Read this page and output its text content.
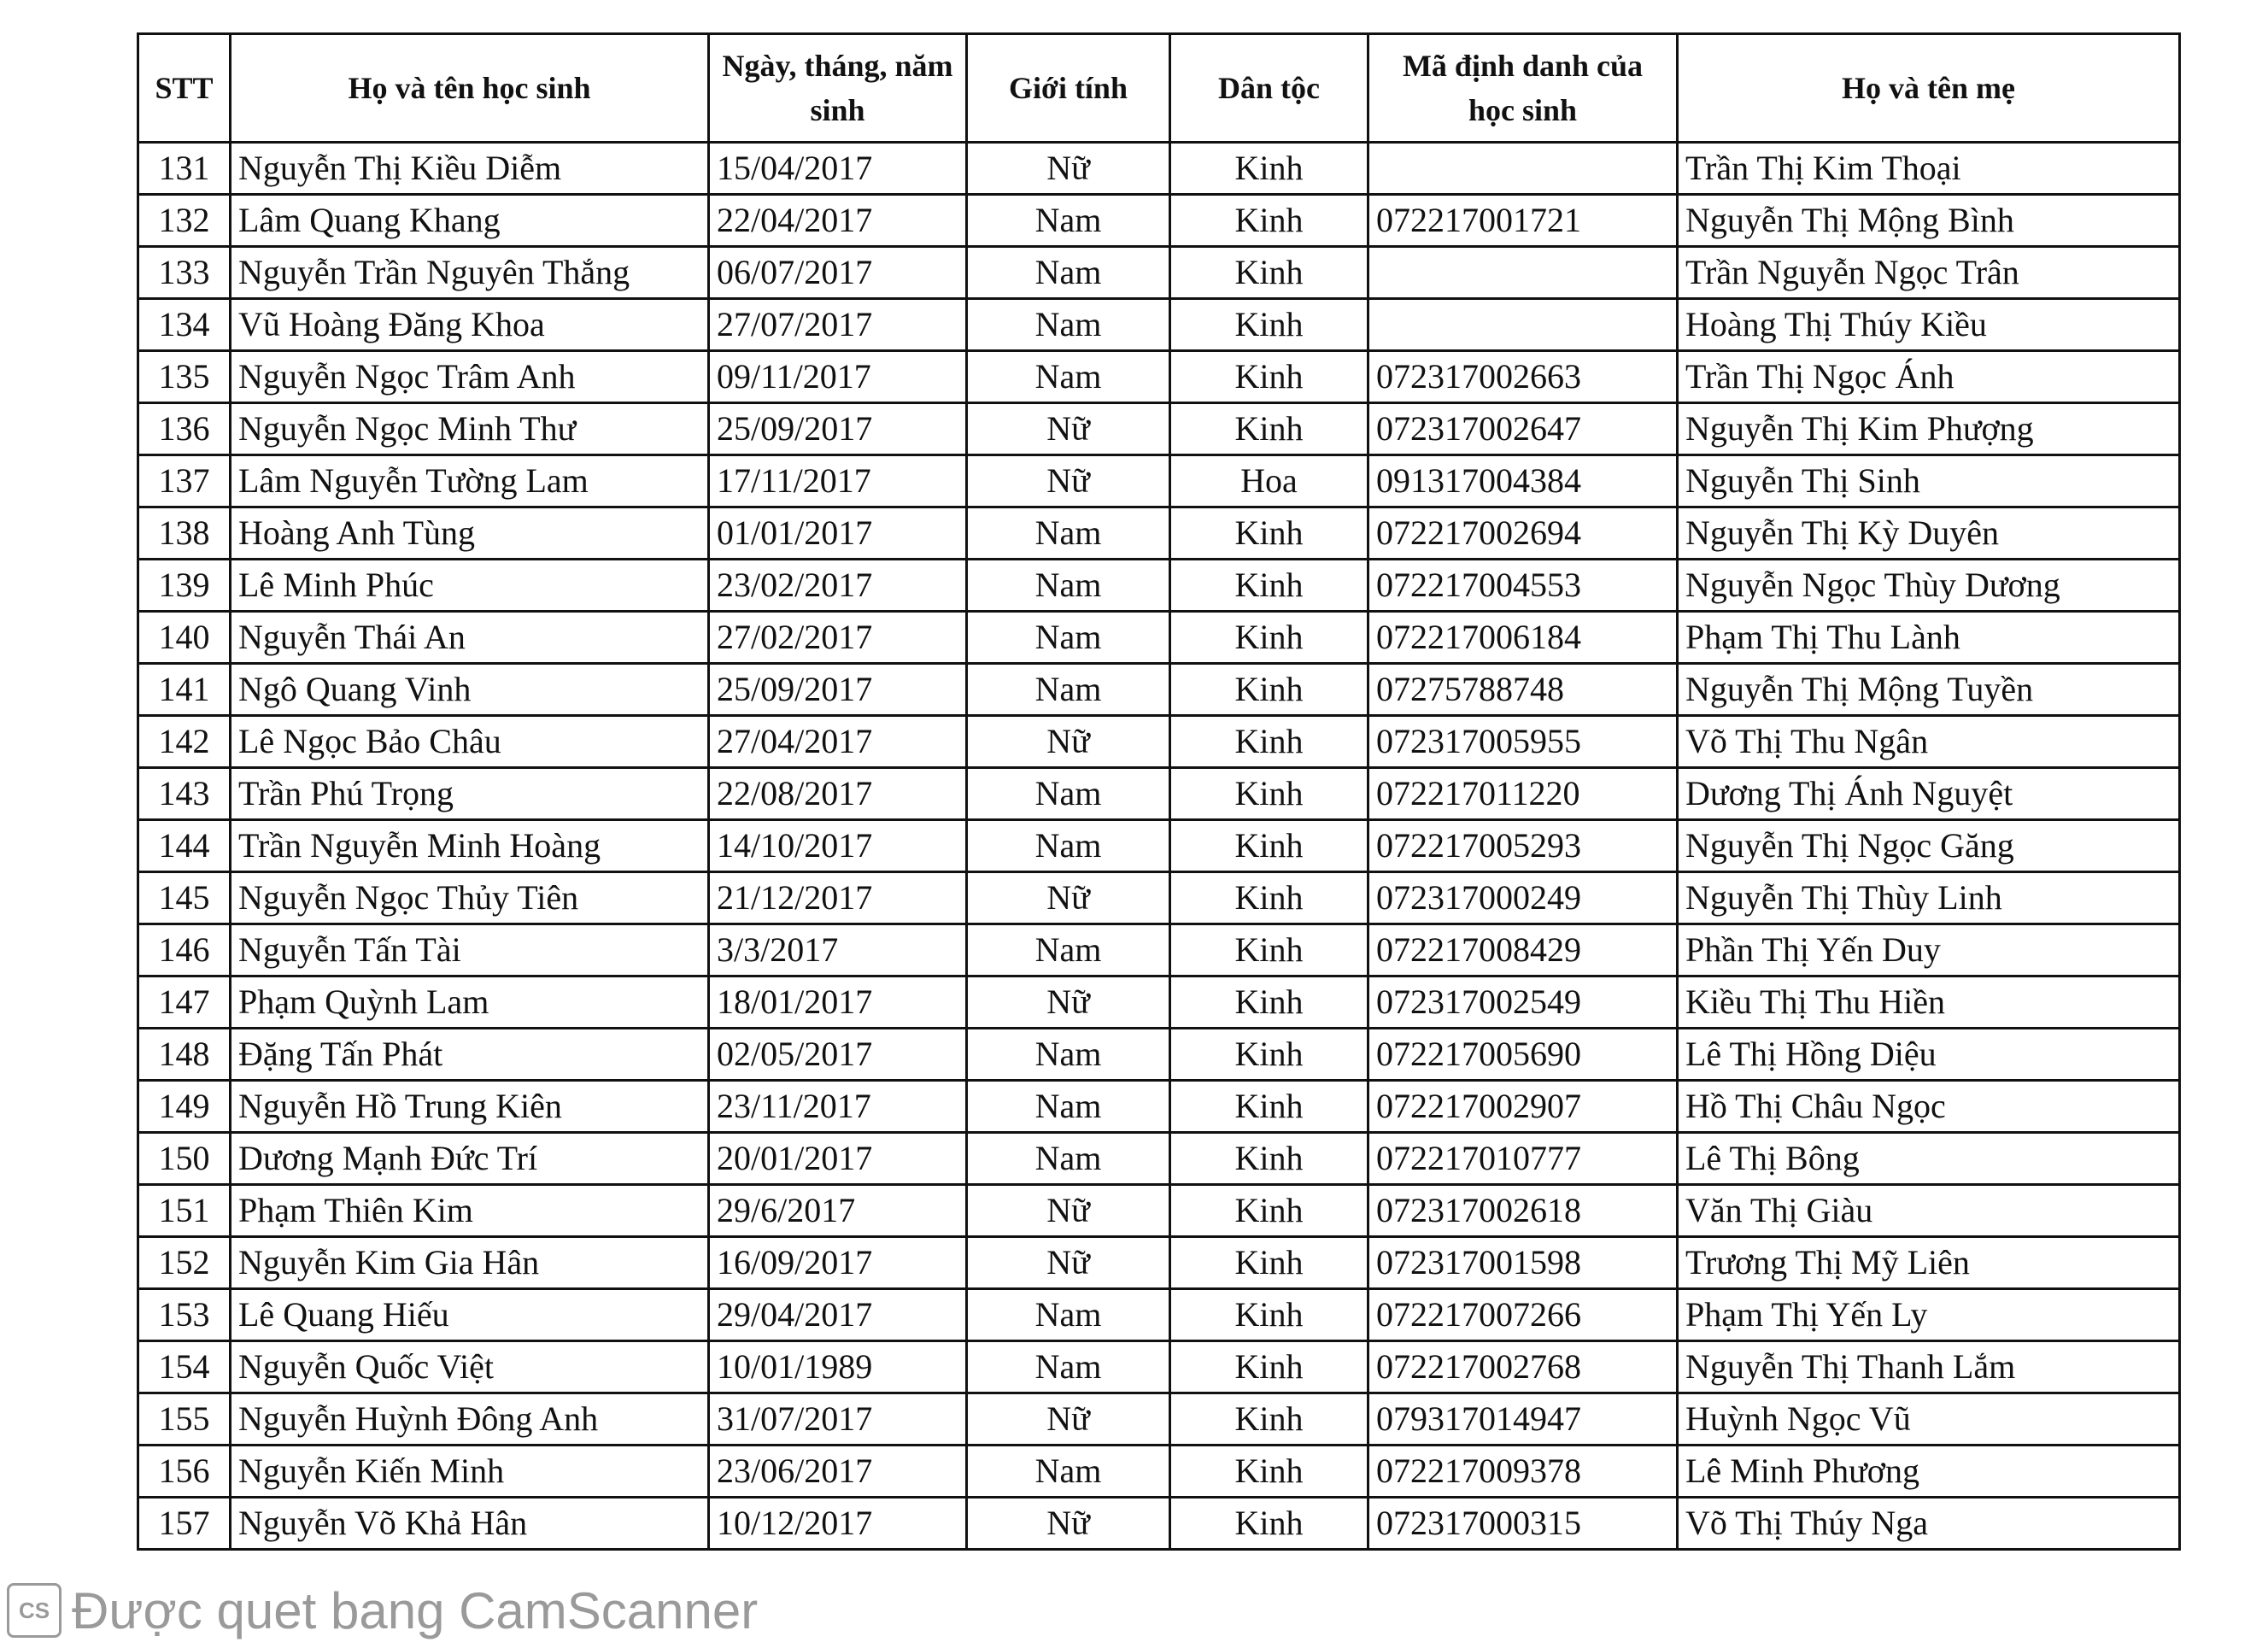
STT	Họ và tên học sinh	Ngày, tháng, năm sinh	Giới tính	Dân tộc	Mã định danh của học sinh	Họ và tên mẹ
131	Nguyễn Thị Kiều Diễm	15/04/2017	Nữ	Kinh		Trần Thị Kim Thoại
132	Lâm Quang Khang	22/04/2017	Nam	Kinh	072217001721	Nguyễn Thị Mộng Bình
133	Nguyễn Trần Nguyên Thắng	06/07/2017	Nam	Kinh		Trần Nguyễn Ngọc Trân
134	Vũ Hoàng Đăng Khoa	27/07/2017	Nam	Kinh		Hoàng Thị Thúy Kiều
135	Nguyễn Ngọc Trâm Anh	09/11/2017	Nam	Kinh	072317002663	Trần Thị Ngọc Ánh
136	Nguyễn Ngọc Minh Thư	25/09/2017	Nữ	Kinh	072317002647	Nguyễn Thị Kim Phượng
137	Lâm Nguyễn Tường Lam	17/11/2017	Nữ	Hoa	091317004384	Nguyễn Thị Sinh
138	Hoàng Anh Tùng	01/01/2017	Nam	Kinh	072217002694	Nguyễn Thị Kỳ Duyên
139	Lê Minh Phúc	23/02/2017	Nam	Kinh	072217004553	Nguyễn Ngọc Thùy Dương
140	Nguyễn Thái An	27/02/2017	Nam	Kinh	072217006184	Phạm Thị Thu Lành
141	Ngô Quang Vinh	25/09/2017	Nam	Kinh	07275788748	Nguyễn Thị Mộng Tuyền
142	Lê Ngọc Bảo Châu	27/04/2017	Nữ	Kinh	072317005955	Võ Thị Thu Ngân
143	Trần Phú Trọng	22/08/2017	Nam	Kinh	072217011220	Dương Thị Ánh Nguyệt
144	Trần Nguyễn Minh Hoàng	14/10/2017	Nam	Kinh	072217005293	Nguyễn Thị Ngọc Găng
145	Nguyễn Ngọc Thủy Tiên	21/12/2017	Nữ	Kinh	072317000249	Nguyễn Thị Thùy Linh
146	Nguyễn Tấn Tài	3/3/2017	Nam	Kinh	072217008429	Phần Thị Yến Duy
147	Phạm Quỳnh Lam	18/01/2017	Nữ	Kinh	072317002549	Kiều Thị Thu Hiền
148	Đặng Tấn Phát	02/05/2017	Nam	Kinh	072217005690	Lê Thị Hồng Diệu
149	Nguyễn Hồ Trung Kiên	23/11/2017	Nam	Kinh	072217002907	Hồ Thị Châu Ngọc
150	Dương Mạnh Đức Trí	20/01/2017	Nam	Kinh	072217010777	Lê Thị Bông
151	Phạm Thiên Kim	29/6/2017	Nữ	Kinh	072317002618	Văn Thị Giàu
152	Nguyễn Kim Gia Hân	16/09/2017	Nữ	Kinh	072317001598	Trương Thị Mỹ Liên
153	Lê Quang Hiếu	29/04/2017	Nam	Kinh	072217007266	Phạm Thị Yến Ly
154	Nguyễn Quốc Việt	10/01/1989	Nam	Kinh	072217002768	Nguyễn Thị Thanh Lắm
155	Nguyễn Huỳnh Đông Anh	31/07/2017	Nữ	Kinh	079317014947	Huỳnh Ngọc Vũ
156	Nguyễn Kiến Minh	23/06/2017	Nam	Kinh	072217009378	Lê Minh Phương
157	Nguyễn Võ Khả Hân	10/12/2017	Nữ	Kinh	072317000315	Võ Thị Thúy Nga
CS Được quet bang CamScanner
